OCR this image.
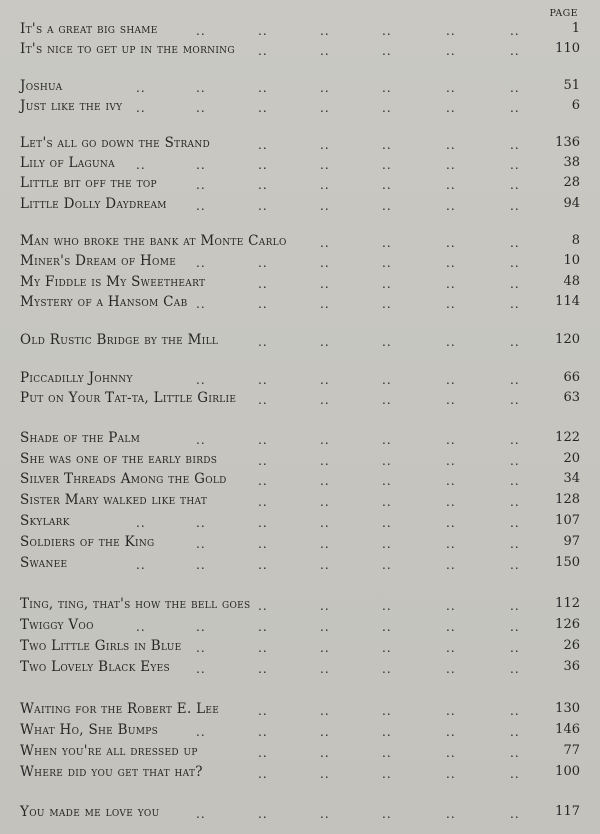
PAGE
..	..	..	..	..	..
It's a great big shame	1
..	..	..	..	..
It's nice to get up in the morning	110
..	..	..	..	..	..	..
Joshua	51
..	..	..	..	..	..	..
Just like the ivy	6
..	..	..	..	..
Let's all go down the Strand	136
..	..	..	..	..	..	..
Lily of Laguna	38
..	..	..	..	..	..
Little bit off the top	28
..	..	..	..	..	..
Little Dolly Daydream	94
..	..	..	..
Man who broke the bank at Monte Carlo	8
..	..	..	..	..	..
Miner's Dream of Home	10
..	..	..	..	..
My Fiddle is My Sweetheart	48
..	..	..	..	..	..
Mystery of a Hansom Cab	114
..	..	..	..	..
Old Rustic Bridge by the Mill	120
..	..	..	..	..	..
Piccadilly Johnny	66
..	..	..	..	..
Put on Your Tat-ta, Little Girlie	63
..	..	..	..	..	..
Shade of the Palm	122
..	..	..	..	..
She was one of the early birds	20
..	..	..	..	..
Silver Threads Among the Gold	34
..	..	..	..	..
Sister Mary walked like that	128
..	..	..	..	..	..	..
Skylark	107
..	..	..	..	..	..
Soldiers of the King	97
..	..	..	..	..	..	..
Swanee	150
..	..	..	..	..
Ting, ting, that's how the bell goes	112
..	..	..	..	..	..	..
Twiggy Voo	126
..	..	..	..	..	..
Two Little Girls in Blue	26
..	..	..	..	..	..
Two Lovely Black Eyes	36
..	..	..	..	..
Waiting for the Robert E. Lee	130
..	..	..	..	..	..
What Ho, She Bumps	146
..	..	..	..	..
When you're all dressed up	77
..	..	..	..	..
Where did you get that hat?	100
..	..	..	..	..	..
You made me love you	117
